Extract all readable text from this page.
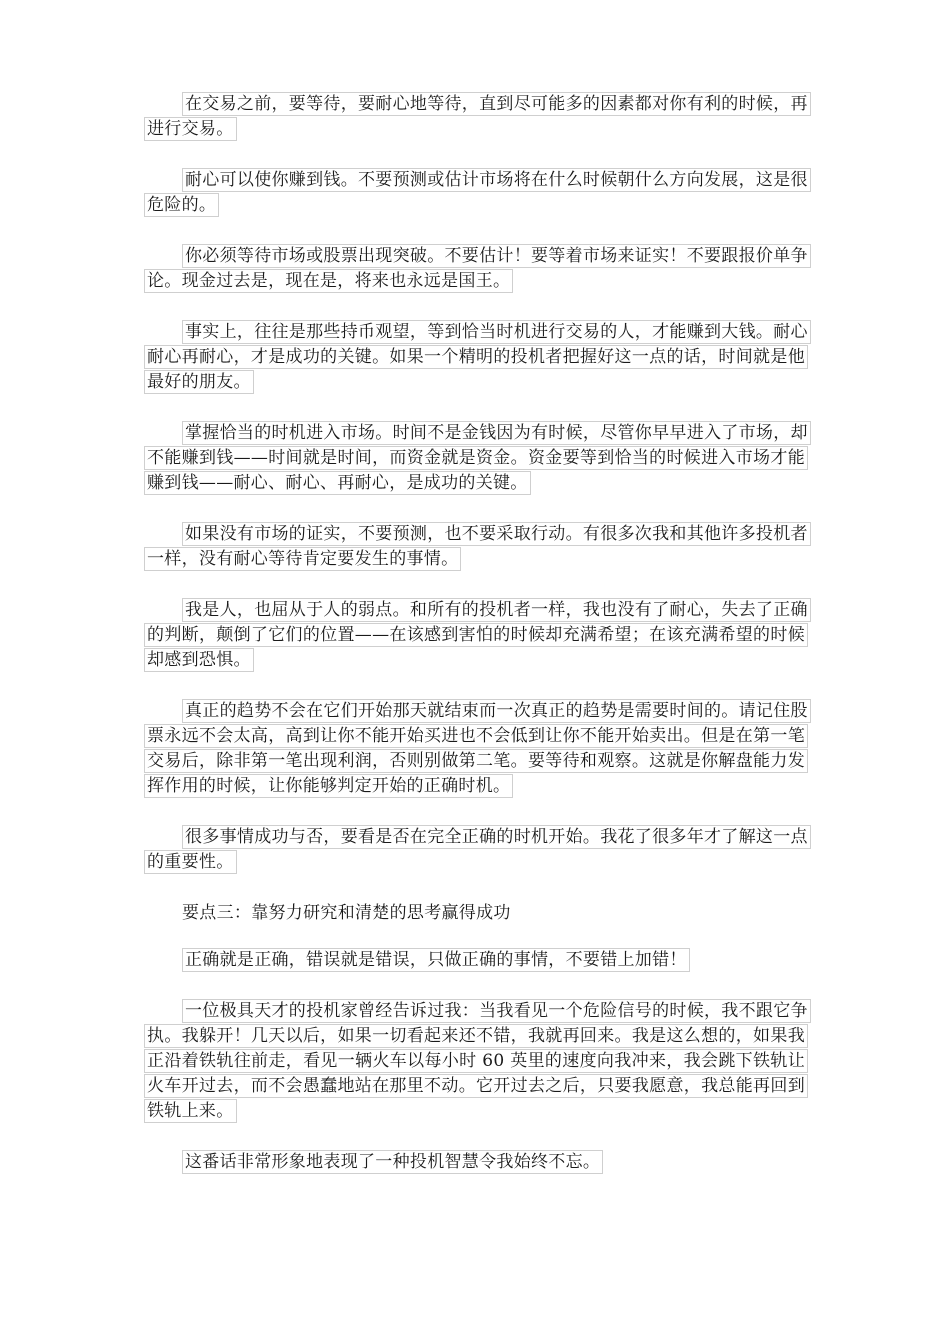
在交易之前，要等待，要耐心地等待，直到尽可能多的因素都对你有利的时候，再进行交易。

耐心可以使你赚到钱。不要预测或估计市场将在什么时候朝什么方向发展，这是很危险的。

你必须等待市场或股票出现突破。不要估计！要等着市场来证实！不要跟报价单争论。现金过去是，现在是，将来也永远是国王。

事实上，往往是那些持币观望，等到恰当时机进行交易的人，才能赚到大钱。耐心耐心再耐心，才是成功的关键。如果一个精明的投机者把握好这一点的话，时间就是他最好的朋友。

掌握恰当的时机进入市场。时间不是金钱因为有时候，尽管你早早进入了市场，却不能赚到钱——时间就是时间，而资金就是资金。资金要等到恰当的时候进入市场才能赚到钱——耐心、耐心、再耐心，是成功的关键。

如果没有市场的证实，不要预测，也不要采取行动。有很多次我和其他许多投机者一样，没有耐心等待肯定要发生的事情。

我是人，也屈从于人的弱点。和所有的投机者一样，我也没有了耐心，失去了正确的判断，颠倒了它们的位置——在该感到害怕的时候却充满希望；在该充满希望的时候却感到恐惧。

真正的趋势不会在它们开始那天就结束而一次真正的趋势是需要时间的。请记住股票永远不会太高，高到让你不能开始买进也不会低到让你不能开始卖出。但是在第一笔交易后，除非第一笔出现利润，否则别做第二笔。要等待和观察。这就是你解盘能力发挥作用的时候，让你能够判定开始的正确时机。

很多事情成功与否，要看是否在完全正确的时机开始。我花了很多年才了解这一点的重要性。

要点三：靠努力研究和清楚的思考赢得成功

正确就是正确，错误就是错误，只做正确的事情，不要错上加错！

一位极具天才的投机家曾经告诉过我：当我看见一个危险信号的时候，我不跟它争执。我躲开！几天以后，如果一切看起来还不错，我就再回来。我是这么想的，如果我正沿着铁轨往前走，看见一辆火车以每小时 60 英里的速度向我冲来，我会跳下铁轨让火车开过去，而不会愚蠢地站在那里不动。它开过去之后，只要我愿意，我总能再回到铁轨上来。

这番话非常形象地表现了一种投机智慧令我始终不忘。
